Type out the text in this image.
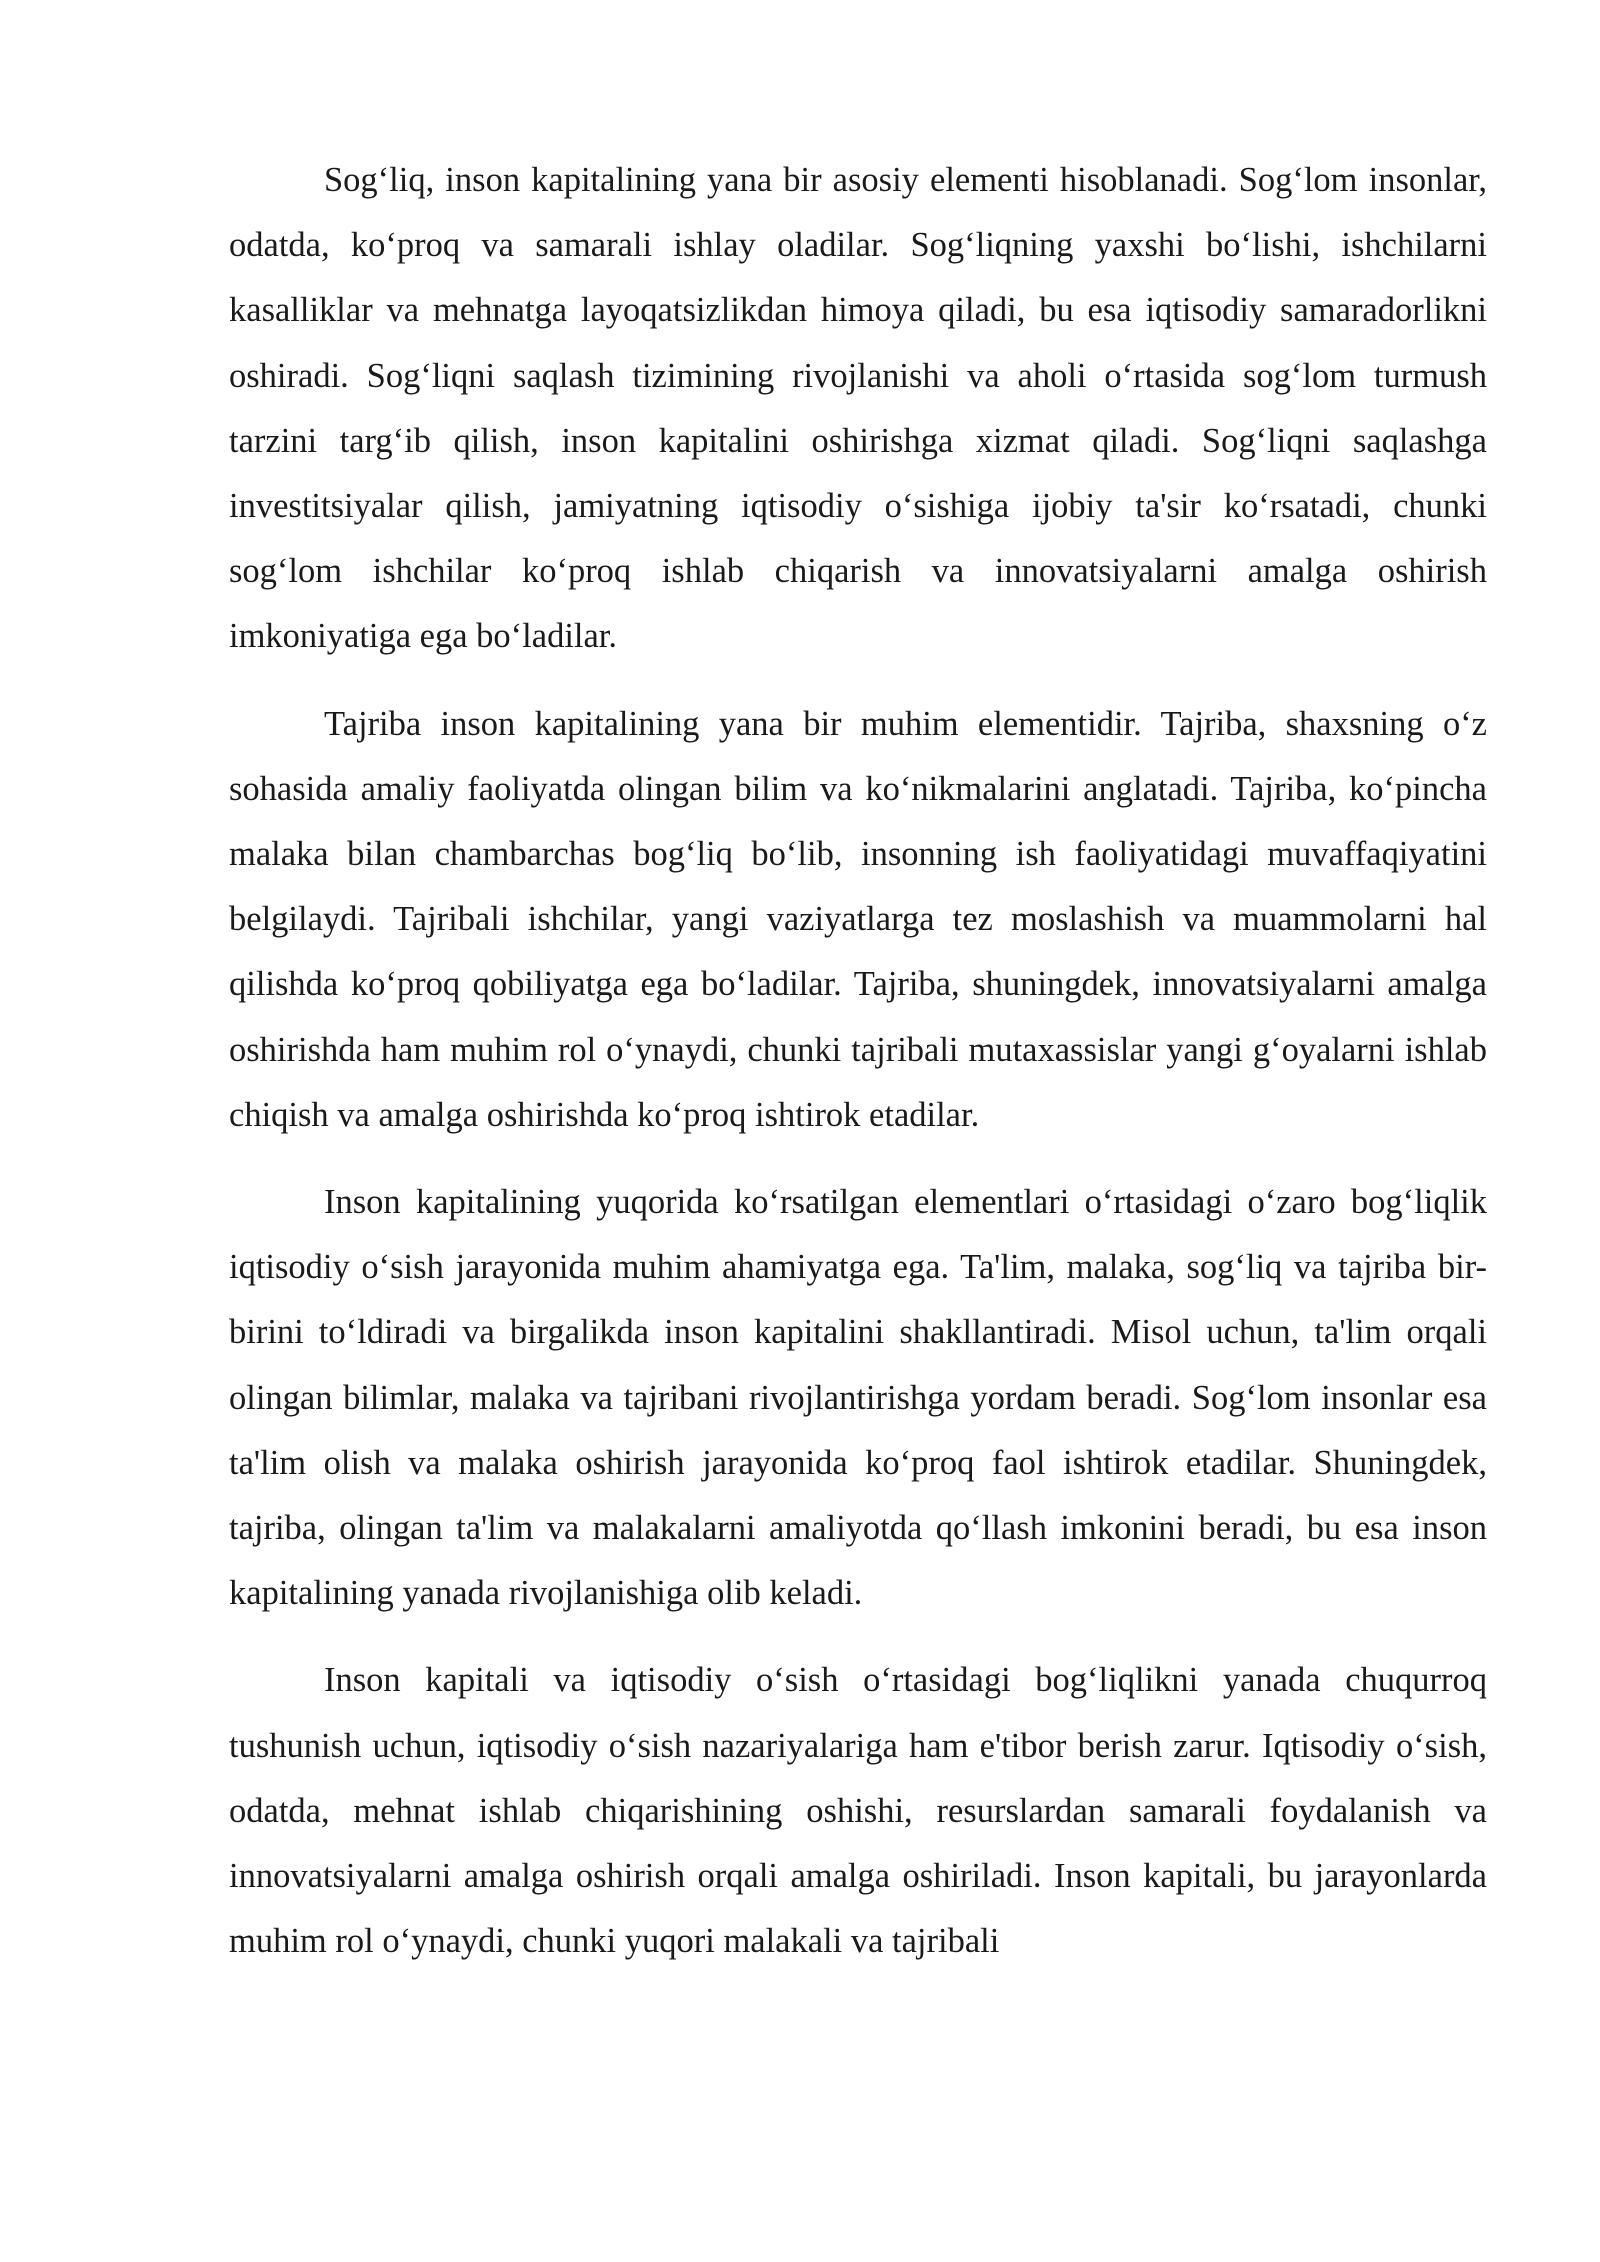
Sog‘liq, inson kapitalining yana bir asosiy elementi hisoblanadi. Sog‘lom insonlar, odatda, ko‘proq va samarali ishlay oladilar. Sog‘liqning yaxshi bo‘lishi, ishchilarni kasalliklar va mehnatga layoqatsizlikdan himoya qiladi, bu esa iqtisodiy samaradorlikni oshiradi. Sog‘liqni saqlash tizimining rivojlanishi va aholi o‘rtasida sog‘lom turmush tarzini targ‘ib qilish, inson kapitalini oshirishga xizmat qiladi. Sog‘liqni saqlashga investitsiyalar qilish, jamiyatning iqtisodiy o‘sishiga ijobiy ta'sir ko‘rsatadi, chunki sog‘lom ishchilar ko‘proq ishlab chiqarish va innovatsiyalarni amalga oshirish imkoniyatiga ega bo‘ladilar.

Tajriba inson kapitalining yana bir muhim elementidir. Tajriba, shaxsning o‘z sohasida amaliy faoliyatda olingan bilim va ko‘nikmalarini anglatadi. Tajriba, ko‘pincha malaka bilan chambarchas bog‘liq bo‘lib, insonning ish faoliyatidagi muvaffaqiyatini belgilaydi. Tajribali ishchilar, yangi vaziyatlarga tez moslashish va muammolarni hal qilishda ko‘proq qobiliyatga ega bo‘ladilar. Tajriba, shuningdek, innovatsiyalarni amalga oshirishda ham muhim rol o‘ynaydi, chunki tajribali mutaxassislar yangi g‘oyalarni ishlab chiqish va amalga oshirishda ko‘proq ishtirok etadilar.

Inson kapitalining yuqorida ko‘rsatilgan elementlari o‘rtasidagi o‘zaro bog‘liqlik iqtisodiy o‘sish jarayonida muhim ahamiyatga ega. Ta'lim, malaka, sog‘liq va tajriba bir-birini to‘ldiradi va birgalikda inson kapitalini shakllantiradi. Misol uchun, ta'lim orqali olingan bilimlar, malaka va tajribani rivojlantirishga yordam beradi. Sog‘lom insonlar esa ta'lim olish va malaka oshirish jarayonida ko‘proq faol ishtirok etadilar. Shuningdek, tajriba, olingan ta'lim va malakalarni amaliyotda qo‘llash imkonini beradi, bu esa inson kapitalining yanada rivojlanishiga olib keladi.

Inson kapitali va iqtisodiy o‘sish o‘rtasidagi bog‘liqlikni yanada chuqurroq tushunish uchun, iqtisodiy o‘sish nazariyalariga ham e'tibor berish zarur. Iqtisodiy o‘sish, odatda, mehnat ishlab chiqarishining oshishi, resurslardan samarali foydalanish va innovatsiyalarni amalga oshirish orqali amalga oshiriladi. Inson kapitali, bu jarayonlarda muhim rol o‘ynaydi, chunki yuqori malakali va tajribali
